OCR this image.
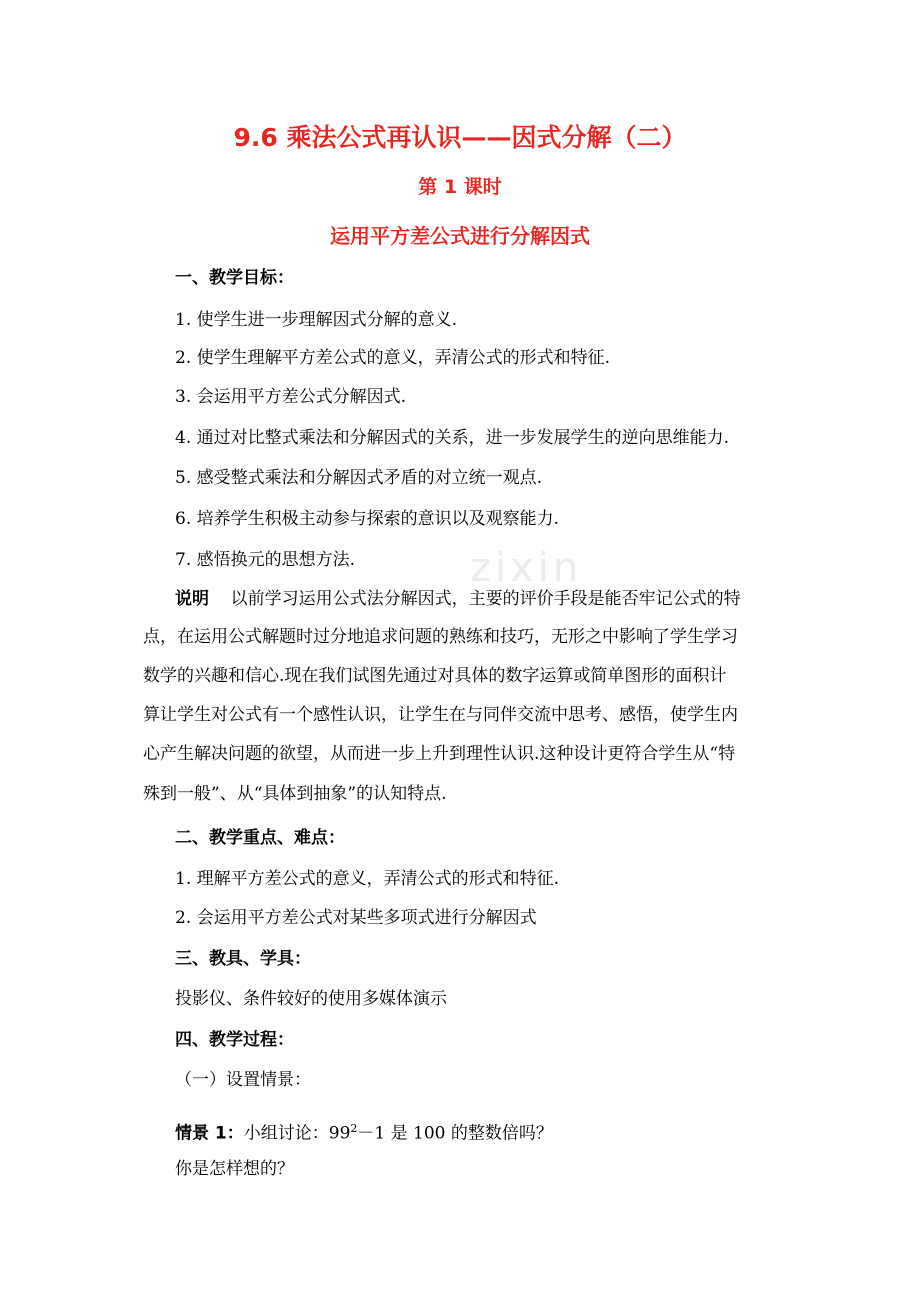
zixin
9.6 乘法公式再认识——因式分解（二）
第 1 课时
运用平方差公式进行分解因式
一、教学目标：
1. 使学生进一步理解因式分解的意义.
2. 使学生理解平方差公式的意义，弄清公式的形式和特征.
3. 会运用平方差公式分解因式.
4. 通过对比整式乘法和分解因式的关系，进一步发展学生的逆向思维能力.
5. 感受整式乘法和分解因式矛盾的对立统一观点.
6. 培养学生积极主动参与探索的意识以及观察能力.
7. 感悟换元的思想方法.
说明 以前学习运用公式法分解因式，主要的评价手段是能否牢记公式的特
点，在运用公式解题时过分地追求问题的熟练和技巧，无形之中影响了学生学习
数学的兴趣和信心.现在我们试图先通过对具体的数字运算或简单图形的面积计
算让学生对公式有一个感性认识，让学生在与同伴交流中思考、感悟，使学生内
心产生解决问题的欲望，从而进一步上升到理性认识.这种设计更符合学生从“特
殊到一般”、从“具体到抽象”的认知特点.
二、教学重点、难点：
1. 理解平方差公式的意义，弄清公式的形式和特征.
2. 会运用平方差公式对某些多项式进行分解因式
三、教具、学具：
投影仪、条件较好的使用多媒体演示
四、教学过程：
（一）设置情景：
情景 1：小组讨论：$99^2-1$ 是 100 的整数倍吗？
你是怎样想的？
